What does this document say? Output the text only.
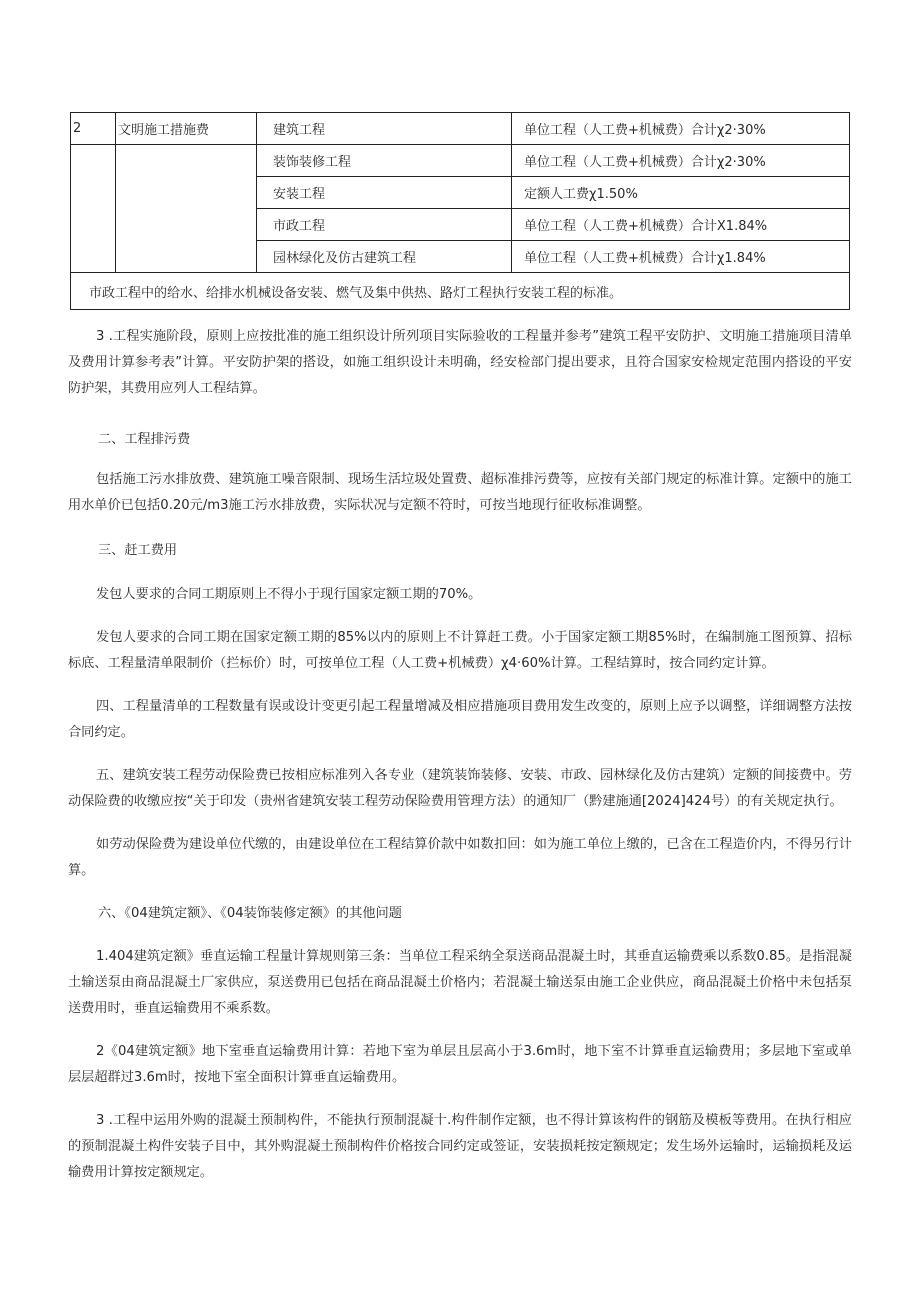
2	文明施工措施费	建筑工程	单位工程（人工费+机械费）合计χ2·30%
		装饰装修工程	单位工程（人工费+机械费）合计χ2·30%
		安装工程	定额人工费χ1.50%
		市政工程	单位工程（人工费+机械费）合计X1.84%
		园林绿化及仿古建筑工程	单位工程（人工费+机械费）合计χ1.84%
市政工程中的给水、给排水机械设备安装、燃气及集中供热、路灯工程执行安装工程的标准。			

3 .工程实施阶段，原则上应按批准的施工组织设计所列项目实际验收的工程量并参考”建筑工程平安防护、文明施工措施项目清单及费用计算参考表”计算。平安防护架的搭设，如施工组织设计未明确，经安检部门提出要求，且符合国家安检规定范围内搭设的平安防护架，其费用应列人工程结算。

二、工程排污费

包括施工污水排放费、建筑施工噪音限制、现场生活垃圾处置费、超标准排污费等，应按有关部门规定的标准计算。定额中的施工用水单价已包括0.20元/m3施工污水排放费，实际状况与定额不符时，可按当地现行征收标准调整。

三、赶工费用

发包人要求的合同工期原则上不得小于现行国家定额工期的70%。

发包人要求的合同工期在国家定额工期的85%以内的原则上不计算赶工费。小于国家定额工期85%时，在编制施工图预算、招标标底、工程量清单限制价（拦标价）时，可按单位工程（人工费+机械费）χ4·60%计算。工程结算时，按合同约定计算。

四、工程量清单的工程数量有误或设计变更引起工程量增减及相应措施项目费用发生改变的，原则上应予以调整，详细调整方法按合同约定。

五、建筑安装工程劳动保险费已按相应标准列入各专业（建筑装饰装修、安装、市政、园林绿化及仿古建筑）定额的间接费中。劳动保险费的收缴应按“关于印发（贵州省建筑安装工程劳动保险费用管理方法）的通知厂（黔建施通[2024]424号）的有关规定执行。

如劳动保险费为建设单位代缴的，由建设单位在工程结算价款中如数扣回：如为施工单位上缴的，已含在工程造价内，不得另行计算。

六、《04建筑定额》、《04装饰装修定额》的其他问题

1.404建筑定额》垂直运输工程量计算规则第三条：当单位工程采纳全泵送商品混凝土时，其垂直运输费乘以系数0.85。是指混凝土输送泵由商品混凝土厂家供应，泵送费用已包括在商品混凝土价格内；若混凝土输送泵由施工企业供应，商品混凝土价格中未包括泵送费用时，垂直运输费用不乘系数。

2《04建筑定额》地下室垂直运输费用计算：若地下室为单层且层高小于3.6m时，地下室不计算垂直运输费用；多层地下室或单层层超群过3.6m时，按地下室全面积计算垂直运输费用。

3 .工程中运用外购的混凝土预制构件，不能执行预制混凝十.构件制作定额，也不得计算该构件的钢筋及模板等费用。在执行相应的预制混凝土构件安装子目中，其外购混凝土预制构件价格按合同约定或签证，安装损耗按定额规定；发生场外运输时，运输损耗及运输费用计算按定额规定。
